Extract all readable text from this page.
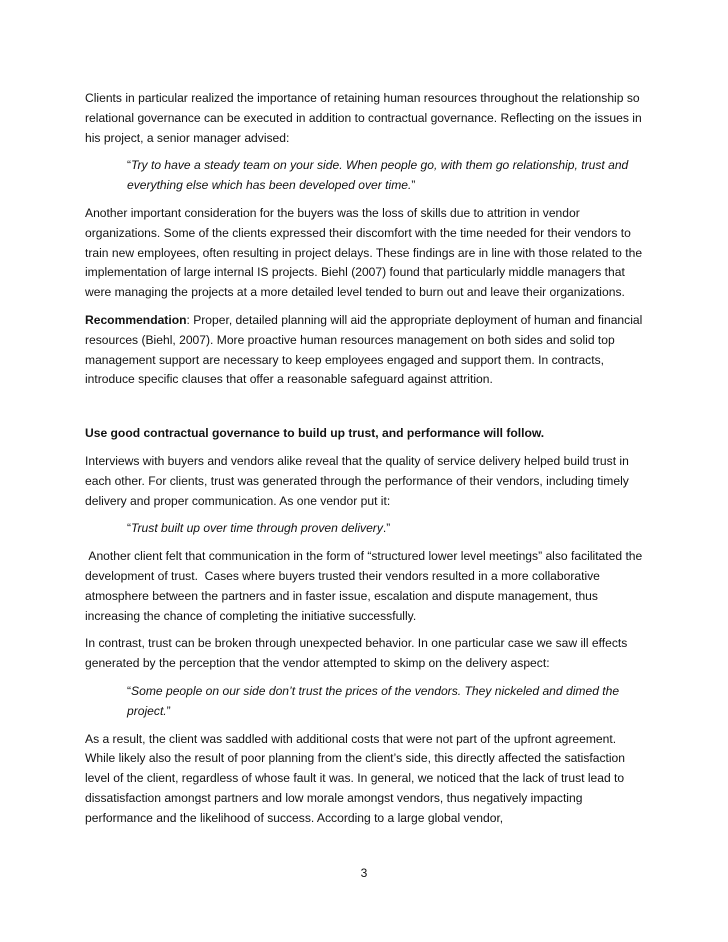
Clients in particular realized the importance of retaining human resources throughout the relationship so relational governance can be executed in addition to contractual governance. Reflecting on the issues in his project, a senior manager advised:

“Try to have a steady team on your side. When people go, with them go relationship, trust and everything else which has been developed over time.”

Another important consideration for the buyers was the loss of skills due to attrition in vendor organizations. Some of the clients expressed their discomfort with the time needed for their vendors to train new employees, often resulting in project delays. These findings are in line with those related to the implementation of large internal IS projects. Biehl (2007) found that particularly middle managers that were managing the projects at a more detailed level tended to burn out and leave their organizations.

Recommendation: Proper, detailed planning will aid the appropriate deployment of human and financial resources (Biehl, 2007). More proactive human resources management on both sides and solid top management support are necessary to keep employees engaged and support them. In contracts, introduce specific clauses that offer a reasonable safeguard against attrition.

Use good contractual governance to build up trust, and performance will follow.

Interviews with buyers and vendors alike reveal that the quality of service delivery helped build trust in each other. For clients, trust was generated through the performance of their vendors, including timely delivery and proper communication. As one vendor put it:

“Trust built up over time through proven delivery.”

Another client felt that communication in the form of “structured lower level meetings” also facilitated the development of trust.  Cases where buyers trusted their vendors resulted in a more collaborative atmosphere between the partners and in faster issue, escalation and dispute management, thus increasing the chance of completing the initiative successfully.

In contrast, trust can be broken through unexpected behavior. In one particular case we saw ill effects generated by the perception that the vendor attempted to skimp on the delivery aspect:

“Some people on our side don’t trust the prices of the vendors. They nickeled and dimed the project.”

As a result, the client was saddled with additional costs that were not part of the upfront agreement. While likely also the result of poor planning from the client’s side, this directly affected the satisfaction level of the client, regardless of whose fault it was. In general, we noticed that the lack of trust lead to dissatisfaction amongst partners and low morale amongst vendors, thus negatively impacting performance and the likelihood of success. According to a large global vendor,

3
